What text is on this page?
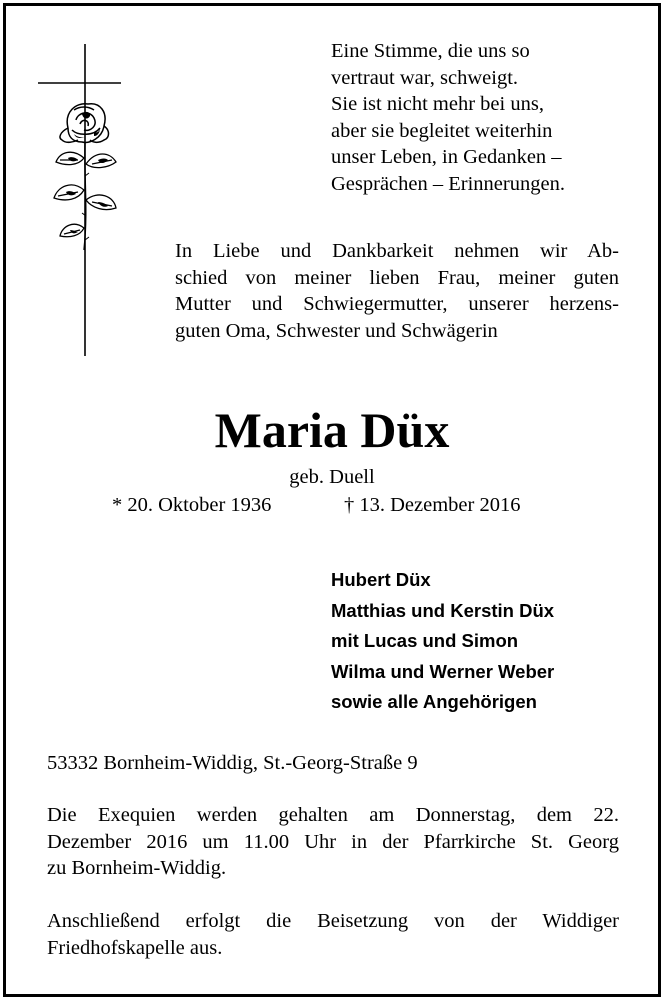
Eine Stimme, die uns so
vertraut war, schweigt.
Sie ist nicht mehr bei uns,
aber sie begleitet weiterhin
unser Leben, in Gedanken –
Gesprächen – Erinnerungen.
In Liebe und Dankbarkeit nehmen wir Ab-
schied von meiner lieben Frau, meiner guten
Mutter und Schwiegermutter, unserer herzens-
guten Oma, Schwester und Schwägerin
Maria Düx
geb. Duell
* 20. Oktober 1936	† 13. Dezember 2016
Hubert Düx
Matthias und Kerstin Düx
mit Lucas und Simon
Wilma und Werner Weber
sowie alle Angehörigen
53332 Bornheim-Widdig, St.-Georg-Straße 9
Die Exequien werden gehalten am Donnerstag, dem 22.
Dezember 2016 um 11.00 Uhr in der Pfarrkirche St. Georg
zu Bornheim-Widdig.
Anschließend erfolgt die Beisetzung von der Widdiger
Friedhofskapelle aus.
